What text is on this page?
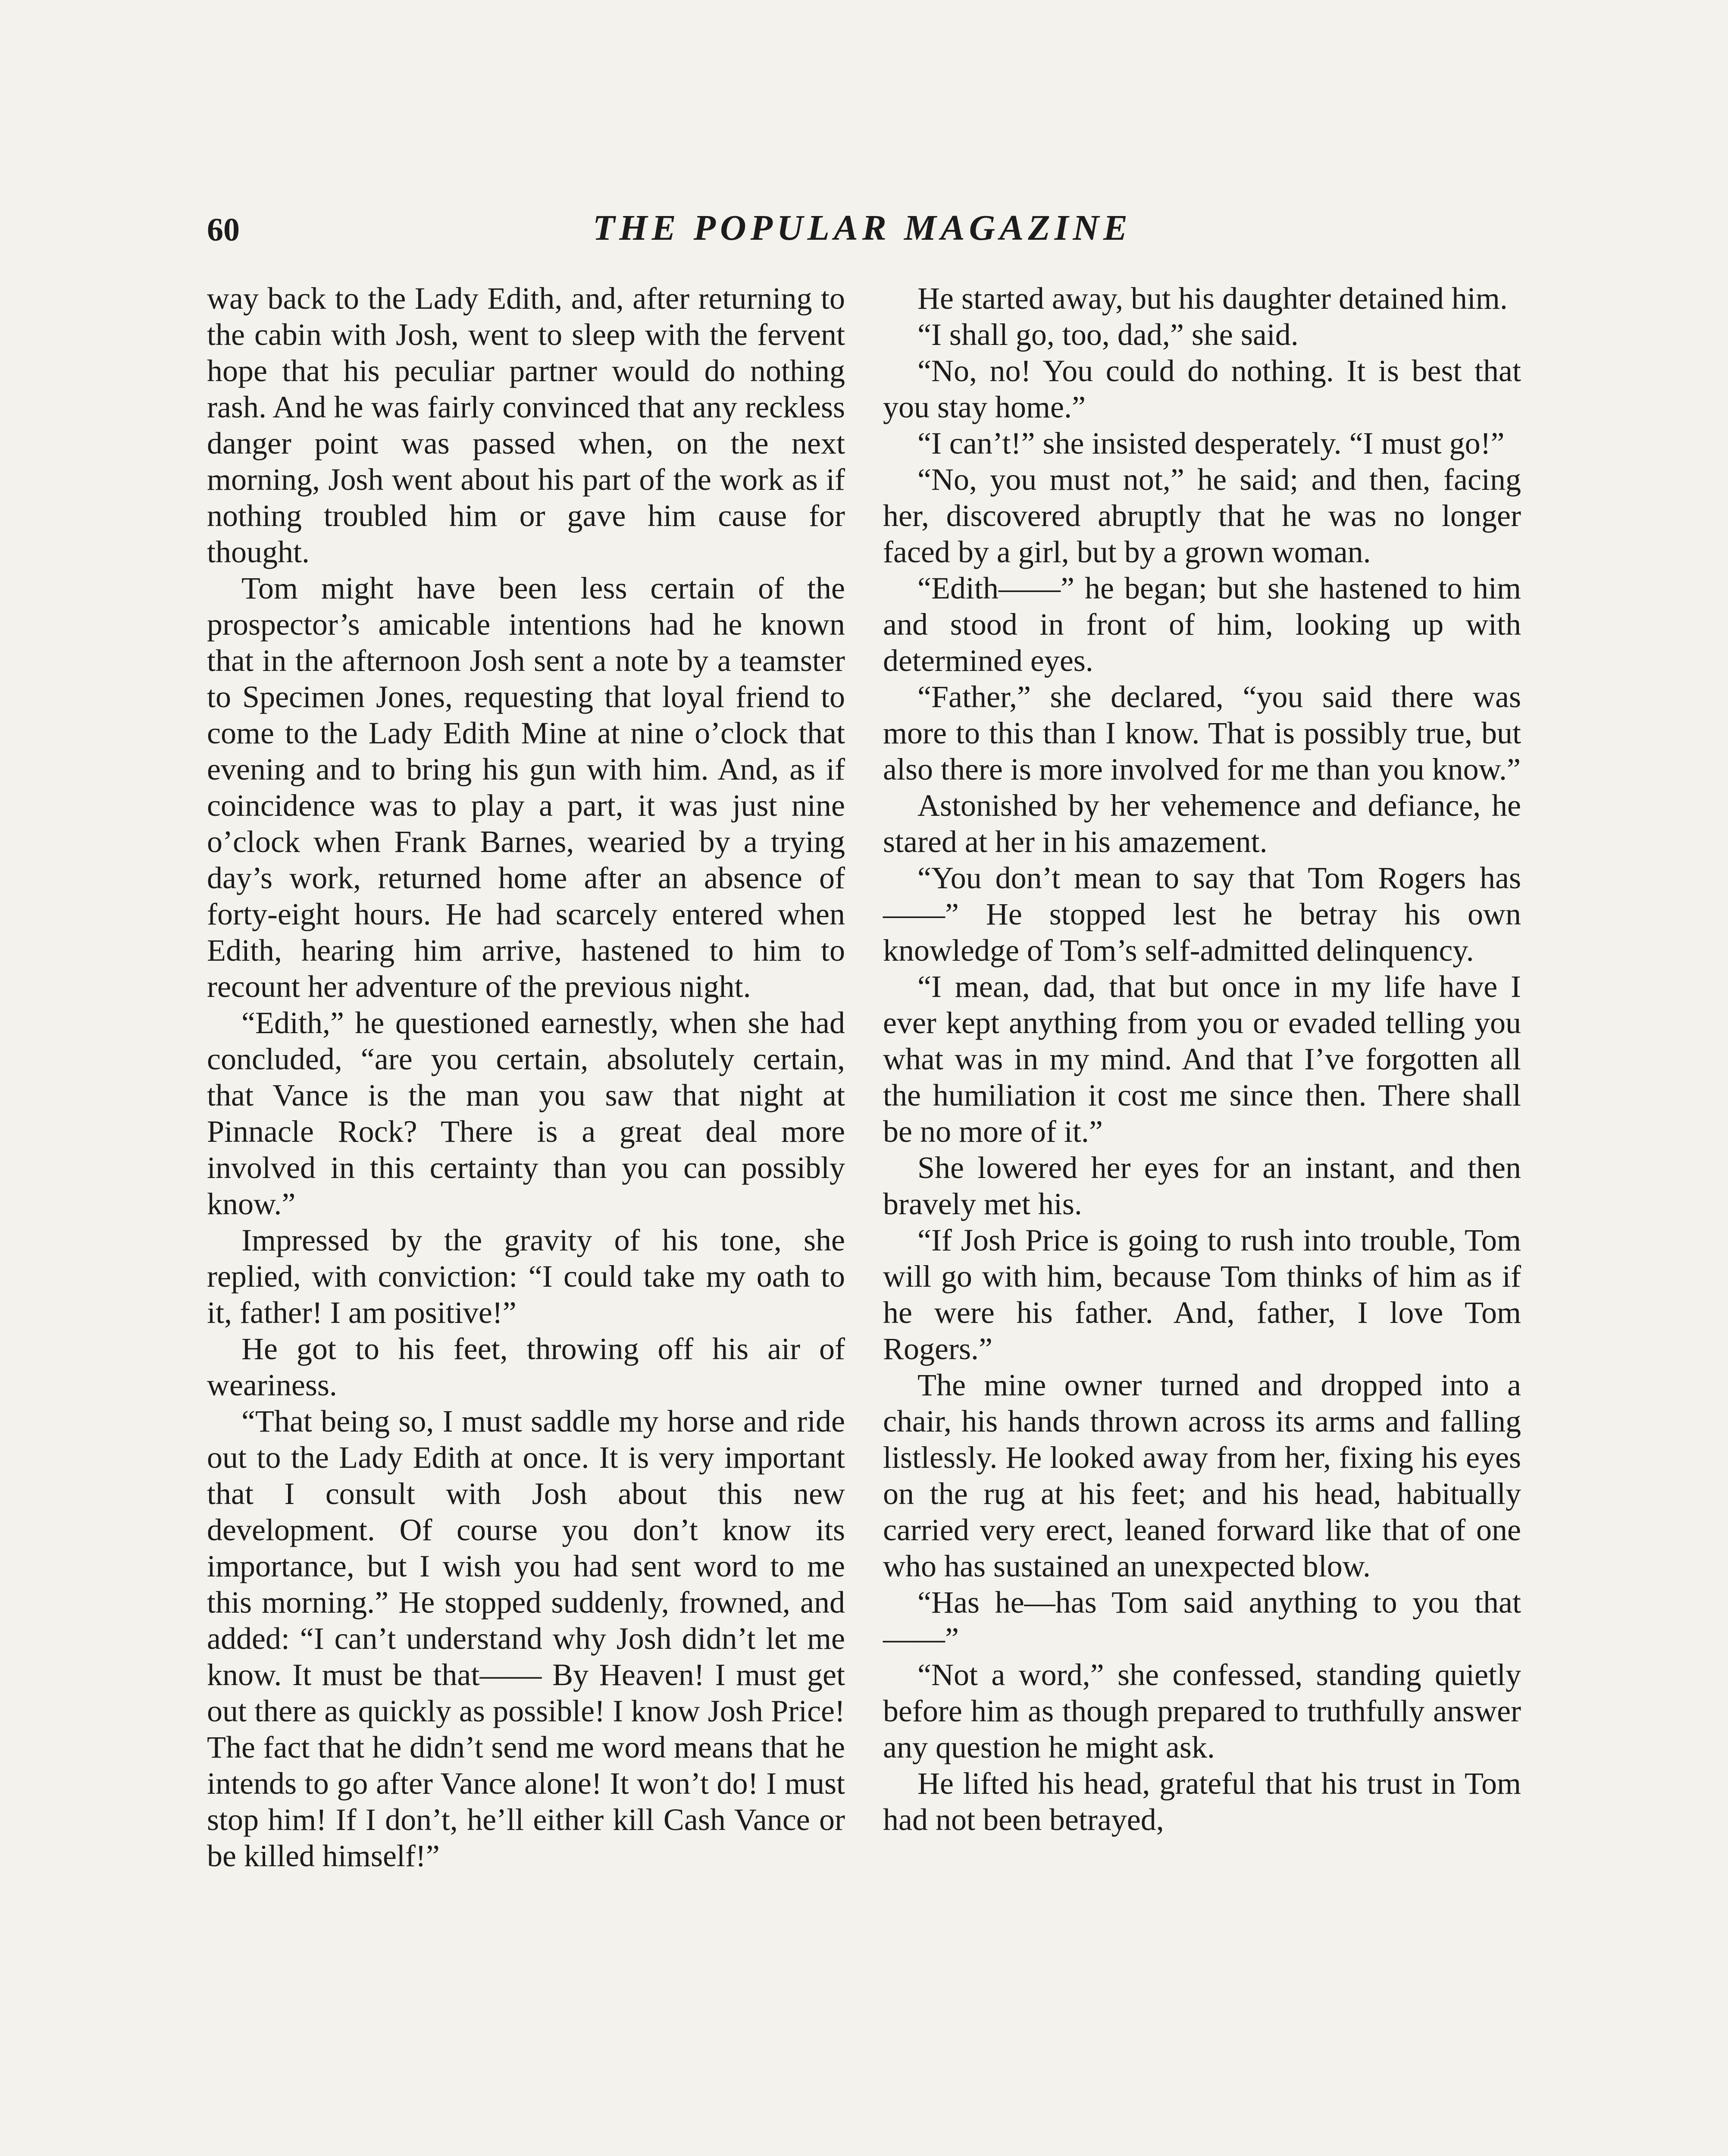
60	THE POPULAR MAGAZINE

way back to the Lady Edith, and, after returning to the cabin with Josh, went to sleep with the fervent hope that his peculiar partner would do nothing rash. And he was fairly convinced that any reckless danger point was passed when, on the next morning, Josh went about his part of the work as if nothing troubled him or gave him cause for thought.

Tom might have been less certain of the prospector’s amicable intentions had he known that in the afternoon Josh sent a note by a teamster to Specimen Jones, requesting that loyal friend to come to the Lady Edith Mine at nine o’clock that evening and to bring his gun with him. And, as if coincidence was to play a part, it was just nine o’clock when Frank Barnes, wearied by a trying day’s work, returned home after an absence of forty-eight hours. He had scarcely entered when Edith, hearing him arrive, hastened to him to recount her adventure of the previous night.

“Edith,” he questioned earnestly, when she had concluded, “are you certain, absolutely certain, that Vance is the man you saw that night at Pinnacle Rock? There is a great deal more involved in this certainty than you can possibly know.”

Impressed by the gravity of his tone, she replied, with conviction: “I could take my oath to it, father! I am positive!”

He got to his feet, throwing off his air of weariness.

“That being so, I must saddle my horse and ride out to the Lady Edith at once. It is very important that I consult with Josh about this new development. Of course you don’t know its importance, but I wish you had sent word to me this morning.” He stopped suddenly, frowned, and added: “I can’t understand why Josh didn’t let me know. It must be that—— By Heaven! I must get out there as quickly as possible! I know Josh Price! The fact that he didn’t send me word means that he intends to go after Vance alone! It won’t do! I must stop him! If I don’t, he’ll either kill Cash Vance or be killed himself!”

He started away, but his daughter detained him.

“I shall go, too, dad,” she said.

“No, no! You could do nothing. It is best that you stay home.”

“I can’t!” she insisted desperately. “I must go!”

“No, you must not,” he said; and then, facing her, discovered abruptly that he was no longer faced by a girl, but by a grown woman.

“Edith——” he began; but she hastened to him and stood in front of him, looking up with determined eyes.

“Father,” she declared, “you said there was more to this than I know. That is possibly true, but also there is more involved for me than you know.”

Astonished by her vehemence and defiance, he stared at her in his amazement.

“You don’t mean to say that Tom Rogers has——” He stopped lest he betray his own knowledge of Tom’s self-admitted delinquency.

“I mean, dad, that but once in my life have I ever kept anything from you or evaded telling you what was in my mind. And that I’ve forgotten all the humiliation it cost me since then. There shall be no more of it.”

She lowered her eyes for an instant, and then bravely met his.

“If Josh Price is going to rush into trouble, Tom will go with him, because Tom thinks of him as if he were his father. And, father, I love Tom Rogers.”

The mine owner turned and dropped into a chair, his hands thrown across its arms and falling listlessly. He looked away from her, fixing his eyes on the rug at his feet; and his head, habitually carried very erect, leaned forward like that of one who has sustained an unexpected blow.

“Has he—has Tom said anything to you that——”

“Not a word,” she confessed, standing quietly before him as though prepared to truthfully answer any question he might ask.

He lifted his head, grateful that his trust in Tom had not been betrayed,
